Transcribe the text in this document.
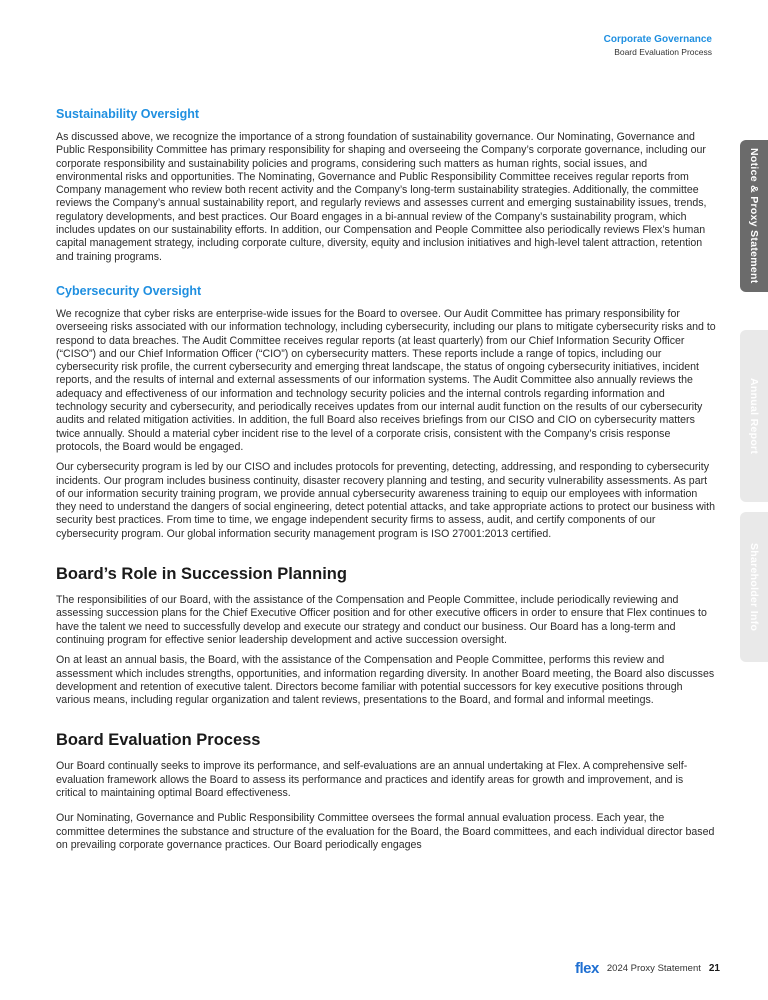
Corporate Governance
Board Evaluation Process
Notice & Proxy Statement
Annual Report
Shareholder Info
Sustainability Oversight

As discussed above, we recognize the importance of a strong foundation of sustainability governance. Our Nominating, Governance and Public Responsibility Committee has primary responsibility for shaping and overseeing the Company’s corporate governance, including our corporate responsibility and sustainability policies and programs, considering such matters as human rights, social issues, and environmental risks and opportunities. The Nominating, Governance and Public Responsibility Committee receives regular reports from Company management who review both recent activity and the Company’s long-term sustainability strategies. Additionally, the committee reviews the Company’s annual sustainability report, and regularly reviews and assesses current and emerging sustainability issues, trends, regulatory developments, and best practices. Our Board engages in a bi-annual review of the Company’s sustainability program, which includes updates on our sustainability efforts. In addition, our Compensation and People Committee also periodically reviews Flex’s human capital management strategy, including corporate culture, diversity, equity and inclusion initiatives and high-level talent attraction, retention and training programs.

Cybersecurity Oversight

We recognize that cyber risks are enterprise-wide issues for the Board to oversee. Our Audit Committee has primary responsibility for overseeing risks associated with our information technology, including cybersecurity, including our plans to mitigate cybersecurity risks and to respond to data breaches. The Audit Committee receives regular reports (at least quarterly) from our Chief Information Security Officer (“CISO”) and our Chief Information Officer (“CIO”) on cybersecurity matters. These reports include a range of topics, including our cybersecurity risk profile, the current cybersecurity and emerging threat landscape, the status of ongoing cybersecurity initiatives, incident reports, and the results of internal and external assessments of our information systems. The Audit Committee also annually reviews the adequacy and effectiveness of our information and technology security policies and the internal controls regarding information and technology security and cybersecurity, and periodically receives updates from our internal audit function on the results of our cybersecurity audits and related mitigation activities. In addition, the full Board also receives briefings from our CISO and CIO on cybersecurity matters twice annually. Should a material cyber incident rise to the level of a corporate crisis, consistent with the Company’s crisis response protocols, the Board would be engaged.

Our cybersecurity program is led by our CISO and includes protocols for preventing, detecting, addressing, and responding to cybersecurity incidents. Our program includes business continuity, disaster recovery planning and testing, and security vulnerability assessments. As part of our information security training program, we provide annual cybersecurity awareness training to equip our employees with information they need to understand the dangers of social engineering, detect potential attacks, and take appropriate actions to protect our business with security best practices. From time to time, we engage independent security firms to assess, audit, and certify components of our cybersecurity program. Our global information security management program is ISO 27001:2013 certified.

Board’s Role in Succession Planning

The responsibilities of our Board, with the assistance of the Compensation and People Committee, include periodically reviewing and assessing succession plans for the Chief Executive Officer position and for other executive officers in order to ensure that Flex continues to have the talent we need to successfully develop and execute our strategy and conduct our business. Our Board has a long-term and continuing program for effective senior leadership development and active succession oversight.

On at least an annual basis, the Board, with the assistance of the Compensation and People Committee, performs this review and assessment which includes strengths, opportunities, and information regarding diversity. In another Board meeting, the Board also discusses development and retention of executive talent. Directors become familiar with potential successors for key executive positions through various means, including regular organization and talent reviews, presentations to the Board, and formal and informal meetings.

Board Evaluation Process

Our Board continually seeks to improve its performance, and self-evaluations are an annual undertaking at Flex. A comprehensive self-evaluation framework allows the Board to assess its performance and practices and identify areas for growth and improvement, and is critical to maintaining optimal Board effectiveness.

Our Nominating, Governance and Public Responsibility Committee oversees the formal annual evaluation process. Each year, the committee determines the substance and structure of the evaluation for the Board, the Board committees, and each individual director based on prevailing corporate governance practices. Our Board periodically engages

flex 2024 Proxy Statement 21
